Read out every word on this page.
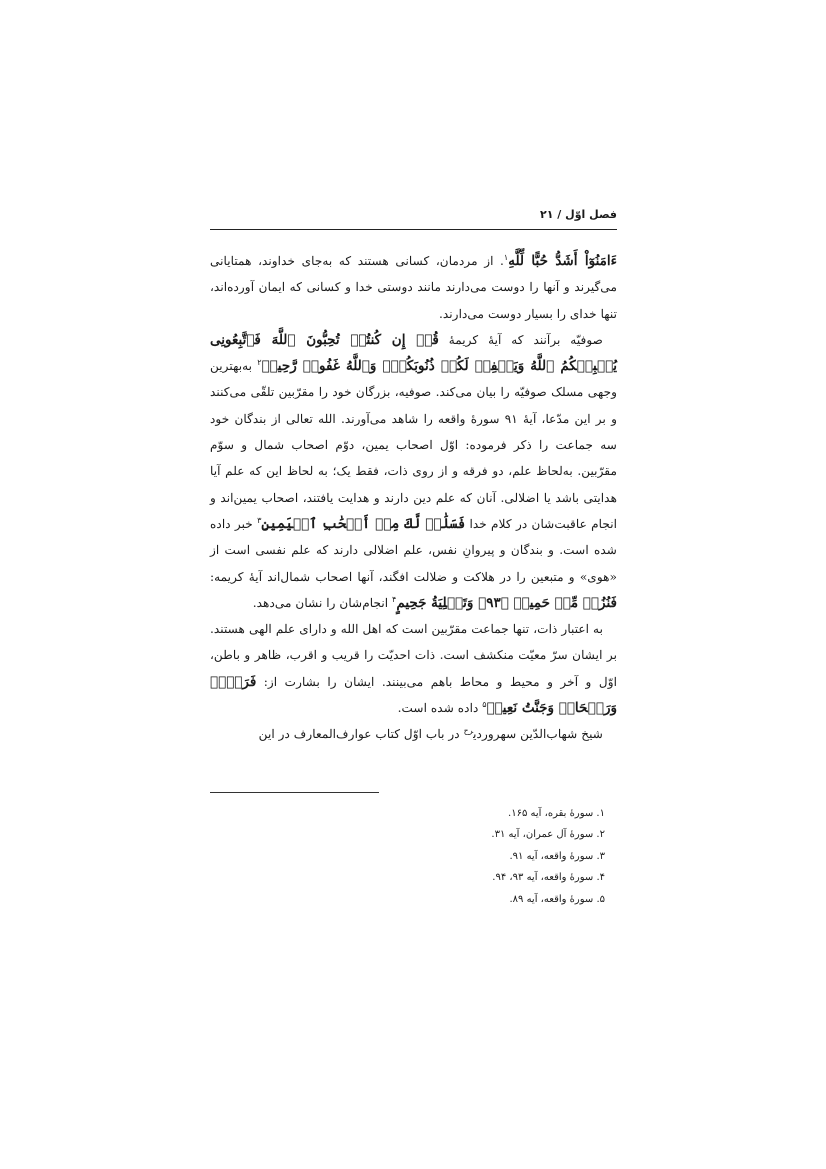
فصل اوّل / ۲۱

ءَامَنُوٓاْ أَشَدُّ حُبًّا لِّلَّهِ$^۱$. از مردمان، کسانی هستند که به‌جای خداوند، همتایانی می‌گیرند و آنها را دوست می‌دارند مانند دوستی خدا و کسانی که ایمان آورده‌اند، تنها خدای را بسیار دوست می‌دارند.

صوفیّه برآنند که آیهٔ کریمهٔ قُلۡ إِن كُنتُمۡ تُحِبُّونَ ٱللَّهَ فَٱتَّبِعُونِى يُحۡبِبۡكُمُ ٱللَّهُ وَيَغۡفِرۡ لَكُمۡ ذُنُوبَكُمۡۚ وَٱللَّهُ غَفُورٞ رَّحِيمٞ$^۲$ به‌بهترین وجهی مسلک صوفیّه را بیان می‌کند. صوفیه، بزرگان خود را مقرّبین تلقّی می‌کنند و بر این مدّعا، آیهٔ ۹۱ سورهٔ واقعه را شاهد می‌آورند. الله تعالی از بندگان خود سه جماعت را ذکر فرموده: اوّل اصحاب یمین، دوّم اصحاب شمال و سوّم مقرّبین. به‌لحاظ علم، دو فرقه و از روی ذات، فقط یک؛ به لحاظ این که علم آیا هدایتی باشد یا اضلالی. آنان که علم دین دارند و هدایت یافتند، اصحاب یمین‌اند و انجام عاقبت‌شان در کلام خدا فَسَلَٰمٞ لَّكَ مِنۡ أَصۡحَٰبِ ٱلۡيَمِينِ$^۳$ خبر داده شده است. و بندگان و پیروانِ نفس، علم اضلالی دارند که علم نفسی است از «هوی» و متبعین را در هلاکت و ضلالت افگند، آنها اصحاب شمال‌اند آیهٔ کریمه: فَنُزُلٞ مِّنۡ حَمِيمٖ ﴿٩٣﴾ وَتَصۡلِيَةُ جَحِيمٍ$^۴$ انجام‌شان را نشان می‌دهد.

به اعتبار ذات، تنها جماعت مقرّبین است که اهل الله و دارای علم الهی هستند. بر ایشان سرّ معیّت منکشف است. ذات احدیّت را قریب و اقرب، ظاهر و باطن، اوّل و آخر و محیط و محاط باهم می‌بینند. ایشان را بشارت از: فَرَوۡحٞ وَرَيۡحَانٞ وَجَنَّتُ نَعِيمٖ$^۵$ داده شده است.

شیخ شهاب‌الدّین سهروردی$^{رح}$ در باب اوّل کتاب عوارف‌المعارف در این

۱. سورهٔ بقره، آیه ۱۶۵.
۲. سورهٔ آل عمران، آیه ۳۱.
۳. سورهٔ واقعه، آیه ۹۱.
۴. سورهٔ واقعه، آیه ۹۳، ۹۴.
۵. سورهٔ واقعه، آیه ۸۹.
